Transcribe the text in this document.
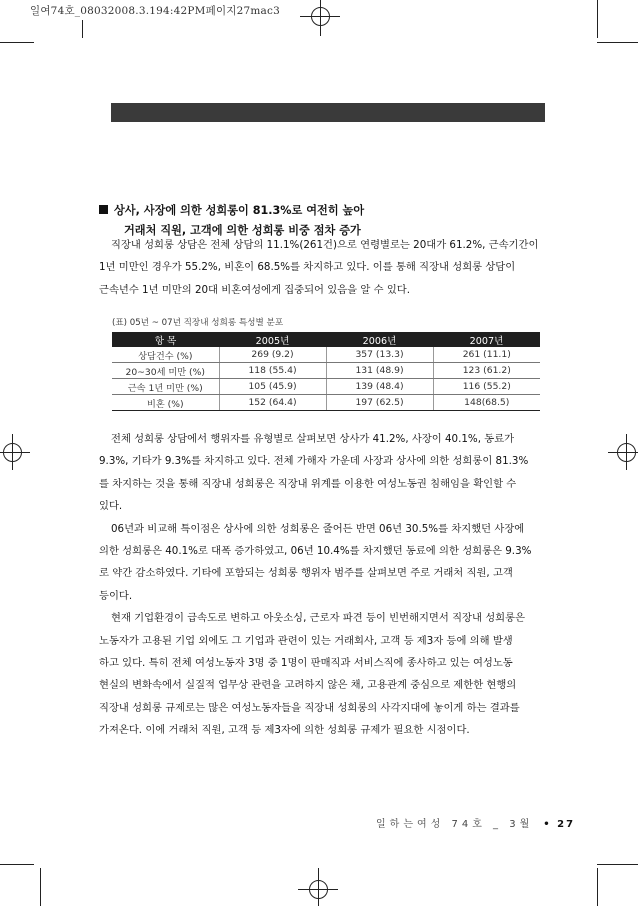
일여74호_08032008.3.194:42PM페이지27mac3
상사, 사장에 의한 성희롱이 81.3%로 여전히 높아
거래처 직원, 고객에 의한 성희롱 비중 점차 증가
직장내 성희롱 상담은 전체 상담의 11.1%(261건)으로 연령별로는 20대가 61.2%, 근속기간이
1년 미만인 경우가 55.2%, 비혼이 68.5%를 차지하고 있다. 이를 통해 직장내 성희롱 상담이
근속년수 1년 미만의 20대 비혼여성에게 집중되어 있음을 알 수 있다.
(표) 05년 ~ 07년 직장내 성희롱 특성별 분포
항 목	2005년	2006년	2007년
상담건수 (%)	269 (9.2)	357 (13.3)	261 (11.1)
20~30세 미만 (%)	118 (55.4)	131 (48.9)	123 (61.2)
근속 1년 미만 (%)	105 (45.9)	139 (48.4)	116 (55.2)
비혼 (%)	152 (64.4)	197 (62.5)	148(68.5)
전체 성희롱 상담에서 행위자를 유형별로 살펴보면 상사가 41.2%, 사장이 40.1%, 동료가
9.3%, 기타가 9.3%를 차지하고 있다. 전체 가해자 가운데 사장과 상사에 의한 성희롱이 81.3%
를 차지하는 것을 통해 직장내 성희롱은 직장내 위계를 이용한 여성노동권 침해임을 확인할 수
있다.
06년과 비교해 특이점은 상사에 의한 성희롱은 줄어든 반면 06년 30.5%를 차지했던 사장에
의한 성희롱은 40.1%로 대폭 증가하였고, 06년 10.4%를 차지했던 동료에 의한 성희롱은 9.3%
로 약간 감소하였다. 기타에 포함되는 성희롱 행위자 범주를 살펴보면 주로 거래처 직원, 고객
등이다.
현재 기업환경이 급속도로 변하고 아웃소싱, 근로자 파견 등이 빈번해지면서 직장내 성희롱은
노동자가 고용된 기업 외에도 그 기업과 관련이 있는 거래회사, 고객 등 제3자 등에 의해 발생
하고 있다. 특히 전체 여성노동자 3명 중 1명이 판매직과 서비스직에 종사하고 있는 여성노동
현실의 변화속에서 실질적 업무상 관련을 고려하지 않은 채, 고용관계 중심으로 제한한 현행의
직장내 성희롱 규제로는 많은 여성노동자들을 직장내 성희롱의 사각지대에 놓이게 하는 결과를
가져온다. 이에 거래처 직원, 고객 등 제3자에 의한 성희롱 규제가 필요한 시점이다.
일하는여성 74호 _ 3월 • 27
